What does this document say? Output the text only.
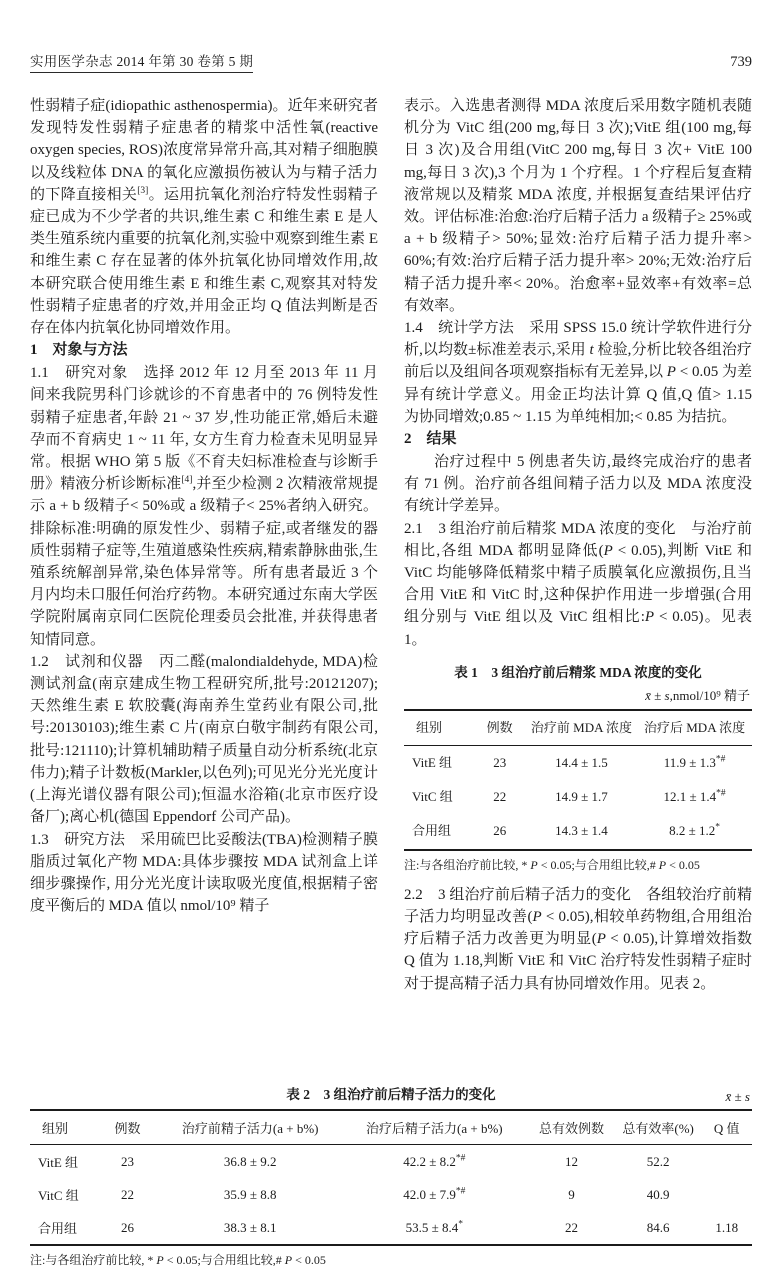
实用医学杂志 2014 年第 30 卷第 5 期	739

性弱精子症(idiopathic asthenospermia)。近年来研究者发现特发性弱精子症患者的精浆中活性氧(reactive oxygen species, ROS)浓度常异常升高,其对精子细胞膜以及线粒体 DNA 的氧化应激损伤被认为与精子活力的下降直接相关[3]。运用抗氧化剂治疗特发性弱精子症已成为不少学者的共识,维生素 C 和维生素 E 是人类生殖系统内重要的抗氧化剂,实验中观察到维生素 E 和维生素 C 存在显著的体外抗氧化协同增效作用,故本研究联合使用维生素 E 和维生素 C,观察其对特发性弱精子症患者的疗效,并用金正均 Q 值法判断是否存在体内抗氧化协同增效作用。

1　对象与方法

1.1　研究对象　选择 2012 年 12 月至 2013 年 11 月间来我院男科门诊就诊的不育患者中的 76 例特发性弱精子症患者,年龄 21 ~ 37 岁,性功能正常,婚后未避孕而不育病史 1 ~ 11 年, 女方生育力检查未见明显异常。根据 WHO 第 5 版《不育夫妇标准检查与诊断手册》精液分析诊断标准[4],并至少检测 2 次精液常规提示 a + b 级精子< 50%或 a 级精子< 25%者纳入研究。排除标准:明确的原发性少、弱精子症,或者继发的器质性弱精子症等,生殖道感染性疾病,精索静脉曲张,生殖系统解剖异常,染色体异常等。所有患者最近 3 个月内均未口服任何治疗药物。本研究通过东南大学医学院附属南京同仁医院伦理委员会批准, 并获得患者知情同意。

1.2　试剂和仪器　丙二醛(malondialdehyde, MDA)检测试剂盒(南京建成生物工程研究所,批号:20121207);天然维生素 E 软胶囊(海南养生堂药业有限公司,批号:20130103);维生素 C 片(南京白敬宇制药有限公司,批号:121110);计算机辅助精子质量自动分析系统(北京伟力);精子计数板(Markler,以色列);可见光分光光度计(上海光谱仪器有限公司);恒温水浴箱(北京市医疗设备厂);离心机(德国 Eppendorf 公司产品)。

1.3　研究方法　采用硫巴比妥酸法(TBA)检测精子膜脂质过氧化产物 MDA:具体步骤按 MDA 试剂盒上详细步骤操作, 用分光光度计读取吸光度值,根据精子密度平衡后的 MDA 值以 nmol/10⁹ 精子

表示。入选患者测得 MDA 浓度后采用数字随机表随机分为 VitC 组(200 mg,每日 3 次);VitE 组(100 mg,每日 3 次)及合用组(VitC 200 mg,每日 3 次+ VitE 100 mg,每日 3 次),3 个月为 1 个疗程。1 个疗程后复查精液常规以及精浆 MDA 浓度, 并根据复查结果评估疗效。评估标准:治愈:治疗后精子活力 a 级精子≥ 25%或 a + b 级精子> 50%;显效:治疗后精子活力提升率> 60%;有效:治疗后精子活力提升率> 20%;无效:治疗后精子活力提升率< 20%。治愈率+显效率+有效率=总有效率。

1.4　统计学方法　采用 SPSS 15.0 统计学软件进行分析,以均数±标准差表示,采用 t 检验,分析比较各组治疗前后以及组间各项观察指标有无差异,以 P < 0.05 为差异有统计学意义。用金正均法计算 Q 值,Q 值> 1.15 为协同增效;0.85 ~ 1.15 为单纯相加;< 0.85 为拮抗。

2　结果

治疗过程中 5 例患者失访,最终完成治疗的患者有 71 例。治疗前各组间精子活力以及 MDA 浓度没有统计学差异。

2.1　3 组治疗前后精浆 MDA 浓度的变化　与治疗前相比,各组 MDA 都明显降低(P < 0.05),判断 VitE 和 VitC 均能够降低精浆中精子质膜氧化应激损伤,且当合用 VitE 和 VitC 时,这种保护作用进一步增强(合用组分别与 VitE 组以及 VitC 组相比:P < 0.05)。见表 1。

表 1　3 组治疗前后精浆 MDA 浓度的变化
x̄ ± s,nmol/10⁹ 精子
组别	例数	治疗前 MDA 浓度	治疗后 MDA 浓度
VitE 组	23	14.4 ± 1.5	11.9 ± 1.3*#
VitC 组	22	14.9 ± 1.7	12.1 ± 1.4*#
合用组	26	14.3 ± 1.4	8.2 ± 1.2*
注:与各组治疗前比较, * P < 0.05;与合用组比较,# P < 0.05

2.2　3 组治疗前后精子活力的变化　各组较治疗前精子活力均明显改善(P < 0.05),相较单药物组,合用组治疗后精子活力改善更为明显(P < 0.05),计算增效指数 Q 值为 1.18,判断 VitE 和 VitC 治疗特发性弱精子症时对于提高精子活力具有协同增效作用。见表 2。

表 2　3 组治疗前后精子活力的变化	x̄ ± s
组别	例数	治疗前精子活力(a + b%)	治疗后精子活力(a + b%)	总有效例数	总有效率(%)	Q 值
VitE 组	23	36.8 ± 9.2	42.2 ± 8.2*#	12	52.2	
VitC 组	22	35.9 ± 8.8	42.0 ± 7.9*#	9	40.9	
合用组	26	38.3 ± 8.1	53.5 ± 8.4*	22	84.6	1.18
注:与各组治疗前比较, * P < 0.05;与合用组比较,# P < 0.05
